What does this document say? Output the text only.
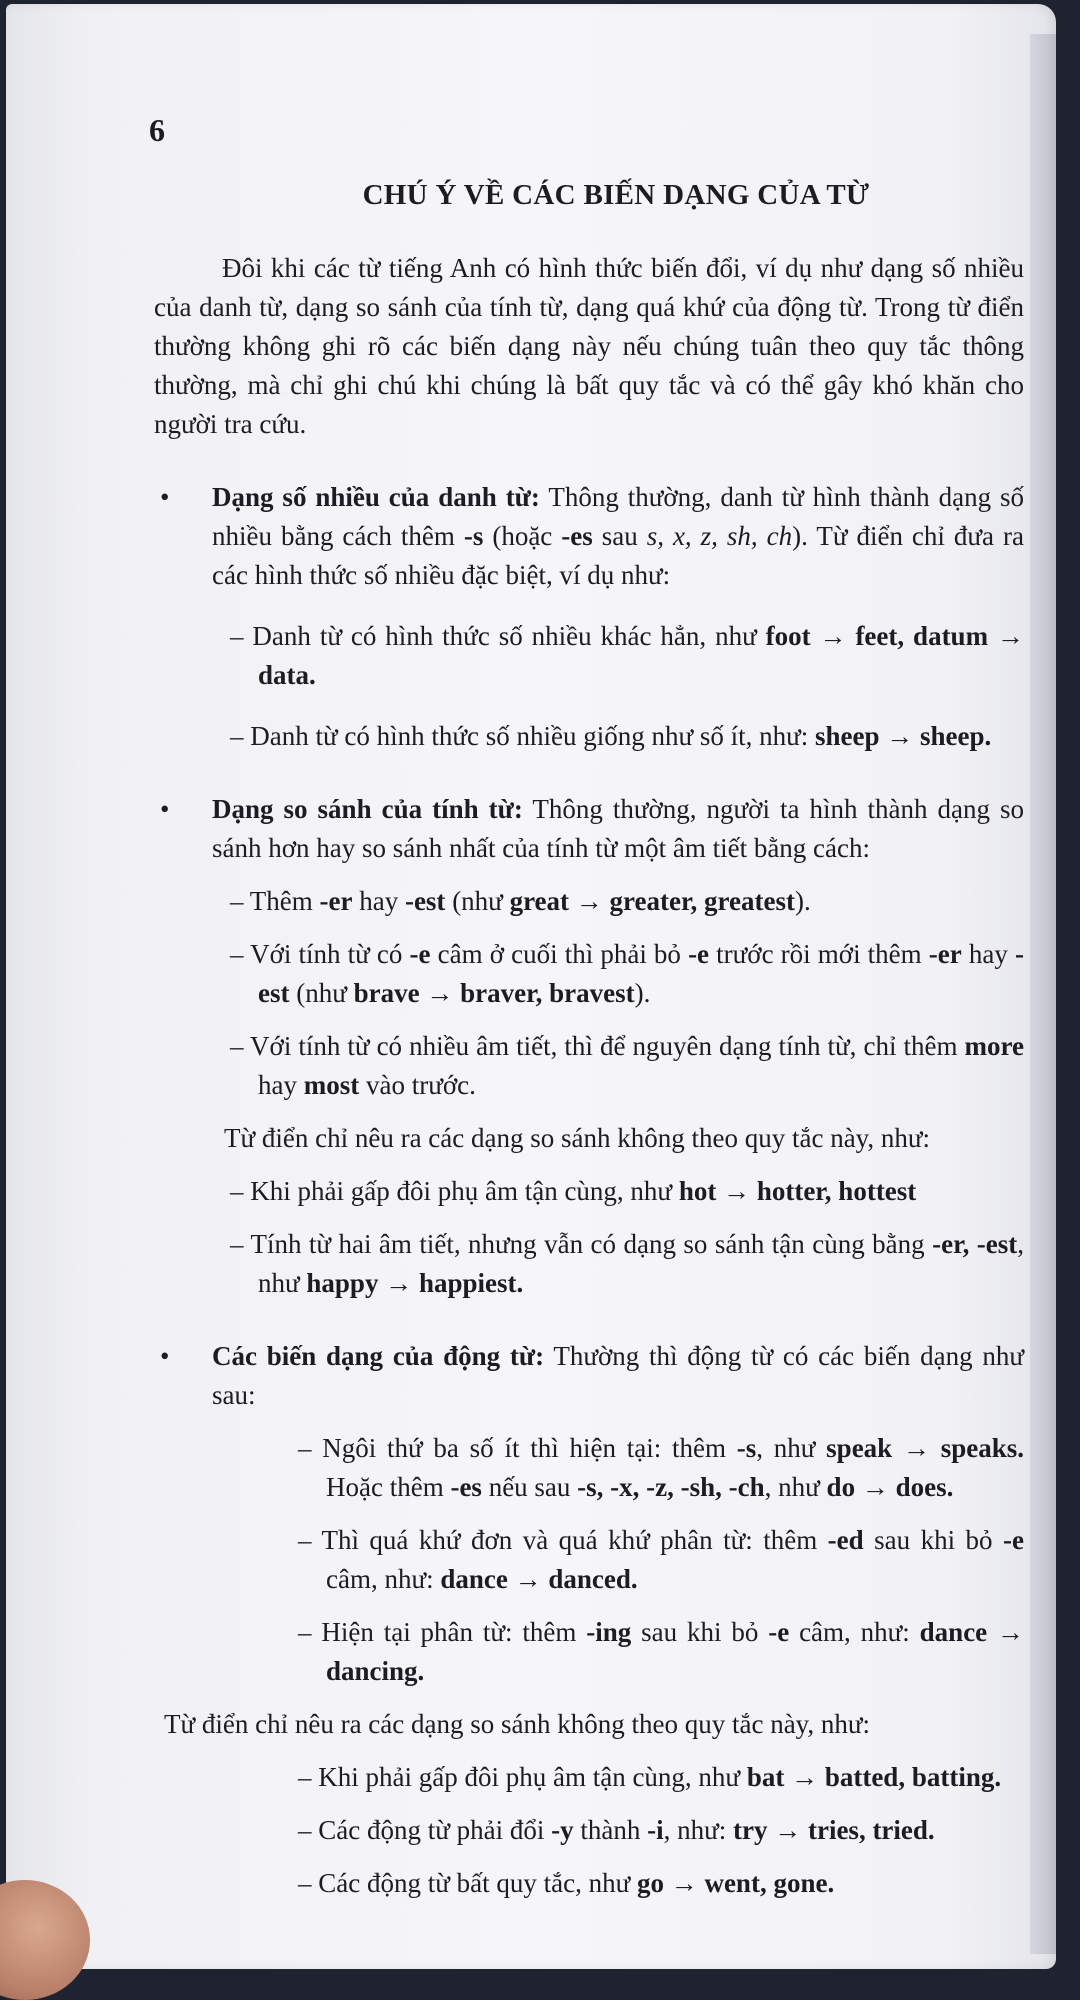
6

CHÚ Ý VỀ CÁC BIẾN DẠNG CỦA TỪ

Đôi khi các từ tiếng Anh có hình thức biến đổi, ví dụ như dạng số nhiều của danh từ, dạng so sánh của tính từ, dạng quá khứ của động từ. Trong từ điển thường không ghi rõ các biến dạng này nếu chúng tuân theo quy tắc thông thường, mà chỉ ghi chú khi chúng là bất quy tắc và có thể gây khó khăn cho người tra cứu.

• Dạng số nhiều của danh từ: Thông thường, danh từ hình thành dạng số nhiều bằng cách thêm -s (hoặc -es sau s, x, z, sh, ch). Từ điển chỉ đưa ra các hình thức số nhiều đặc biệt, ví dụ như:

– Danh từ có hình thức số nhiều khác hẳn, như foot → feet, datum → data.

– Danh từ có hình thức số nhiều giống như số ít, như: sheep → sheep.

• Dạng so sánh của tính từ: Thông thường, người ta hình thành dạng so sánh hơn hay so sánh nhất của tính từ một âm tiết bằng cách:

– Thêm -er hay -est (như great → greater, greatest).

– Với tính từ có -e câm ở cuối thì phải bỏ -e trước rồi mới thêm -er hay -est (như brave → braver, bravest).

– Với tính từ có nhiều âm tiết, thì để nguyên dạng tính từ, chỉ thêm more hay most vào trước.

Từ điển chỉ nêu ra các dạng so sánh không theo quy tắc này, như:

– Khi phải gấp đôi phụ âm tận cùng, như hot → hotter, hottest

– Tính từ hai âm tiết, nhưng vẫn có dạng so sánh tận cùng bằng -er, -est, như happy → happiest.

• Các biến dạng của động từ: Thường thì động từ có các biến dạng như sau:

– Ngôi thứ ba số ít thì hiện tại: thêm -s, như speak → speaks. Hoặc thêm -es nếu sau -s, -x, -z, -sh, -ch, như do → does.

– Thì quá khứ đơn và quá khứ phân từ: thêm -ed sau khi bỏ -e câm, như: dance → danced.

– Hiện tại phân từ: thêm -ing sau khi bỏ -e câm, như: dance → dancing.

Từ điển chỉ nêu ra các dạng so sánh không theo quy tắc này, như:

– Khi phải gấp đôi phụ âm tận cùng, như bat → batted, batting.

– Các động từ phải đổi -y thành -i, như: try → tries, tried.

– Các động từ bất quy tắc, như go → went, gone.
